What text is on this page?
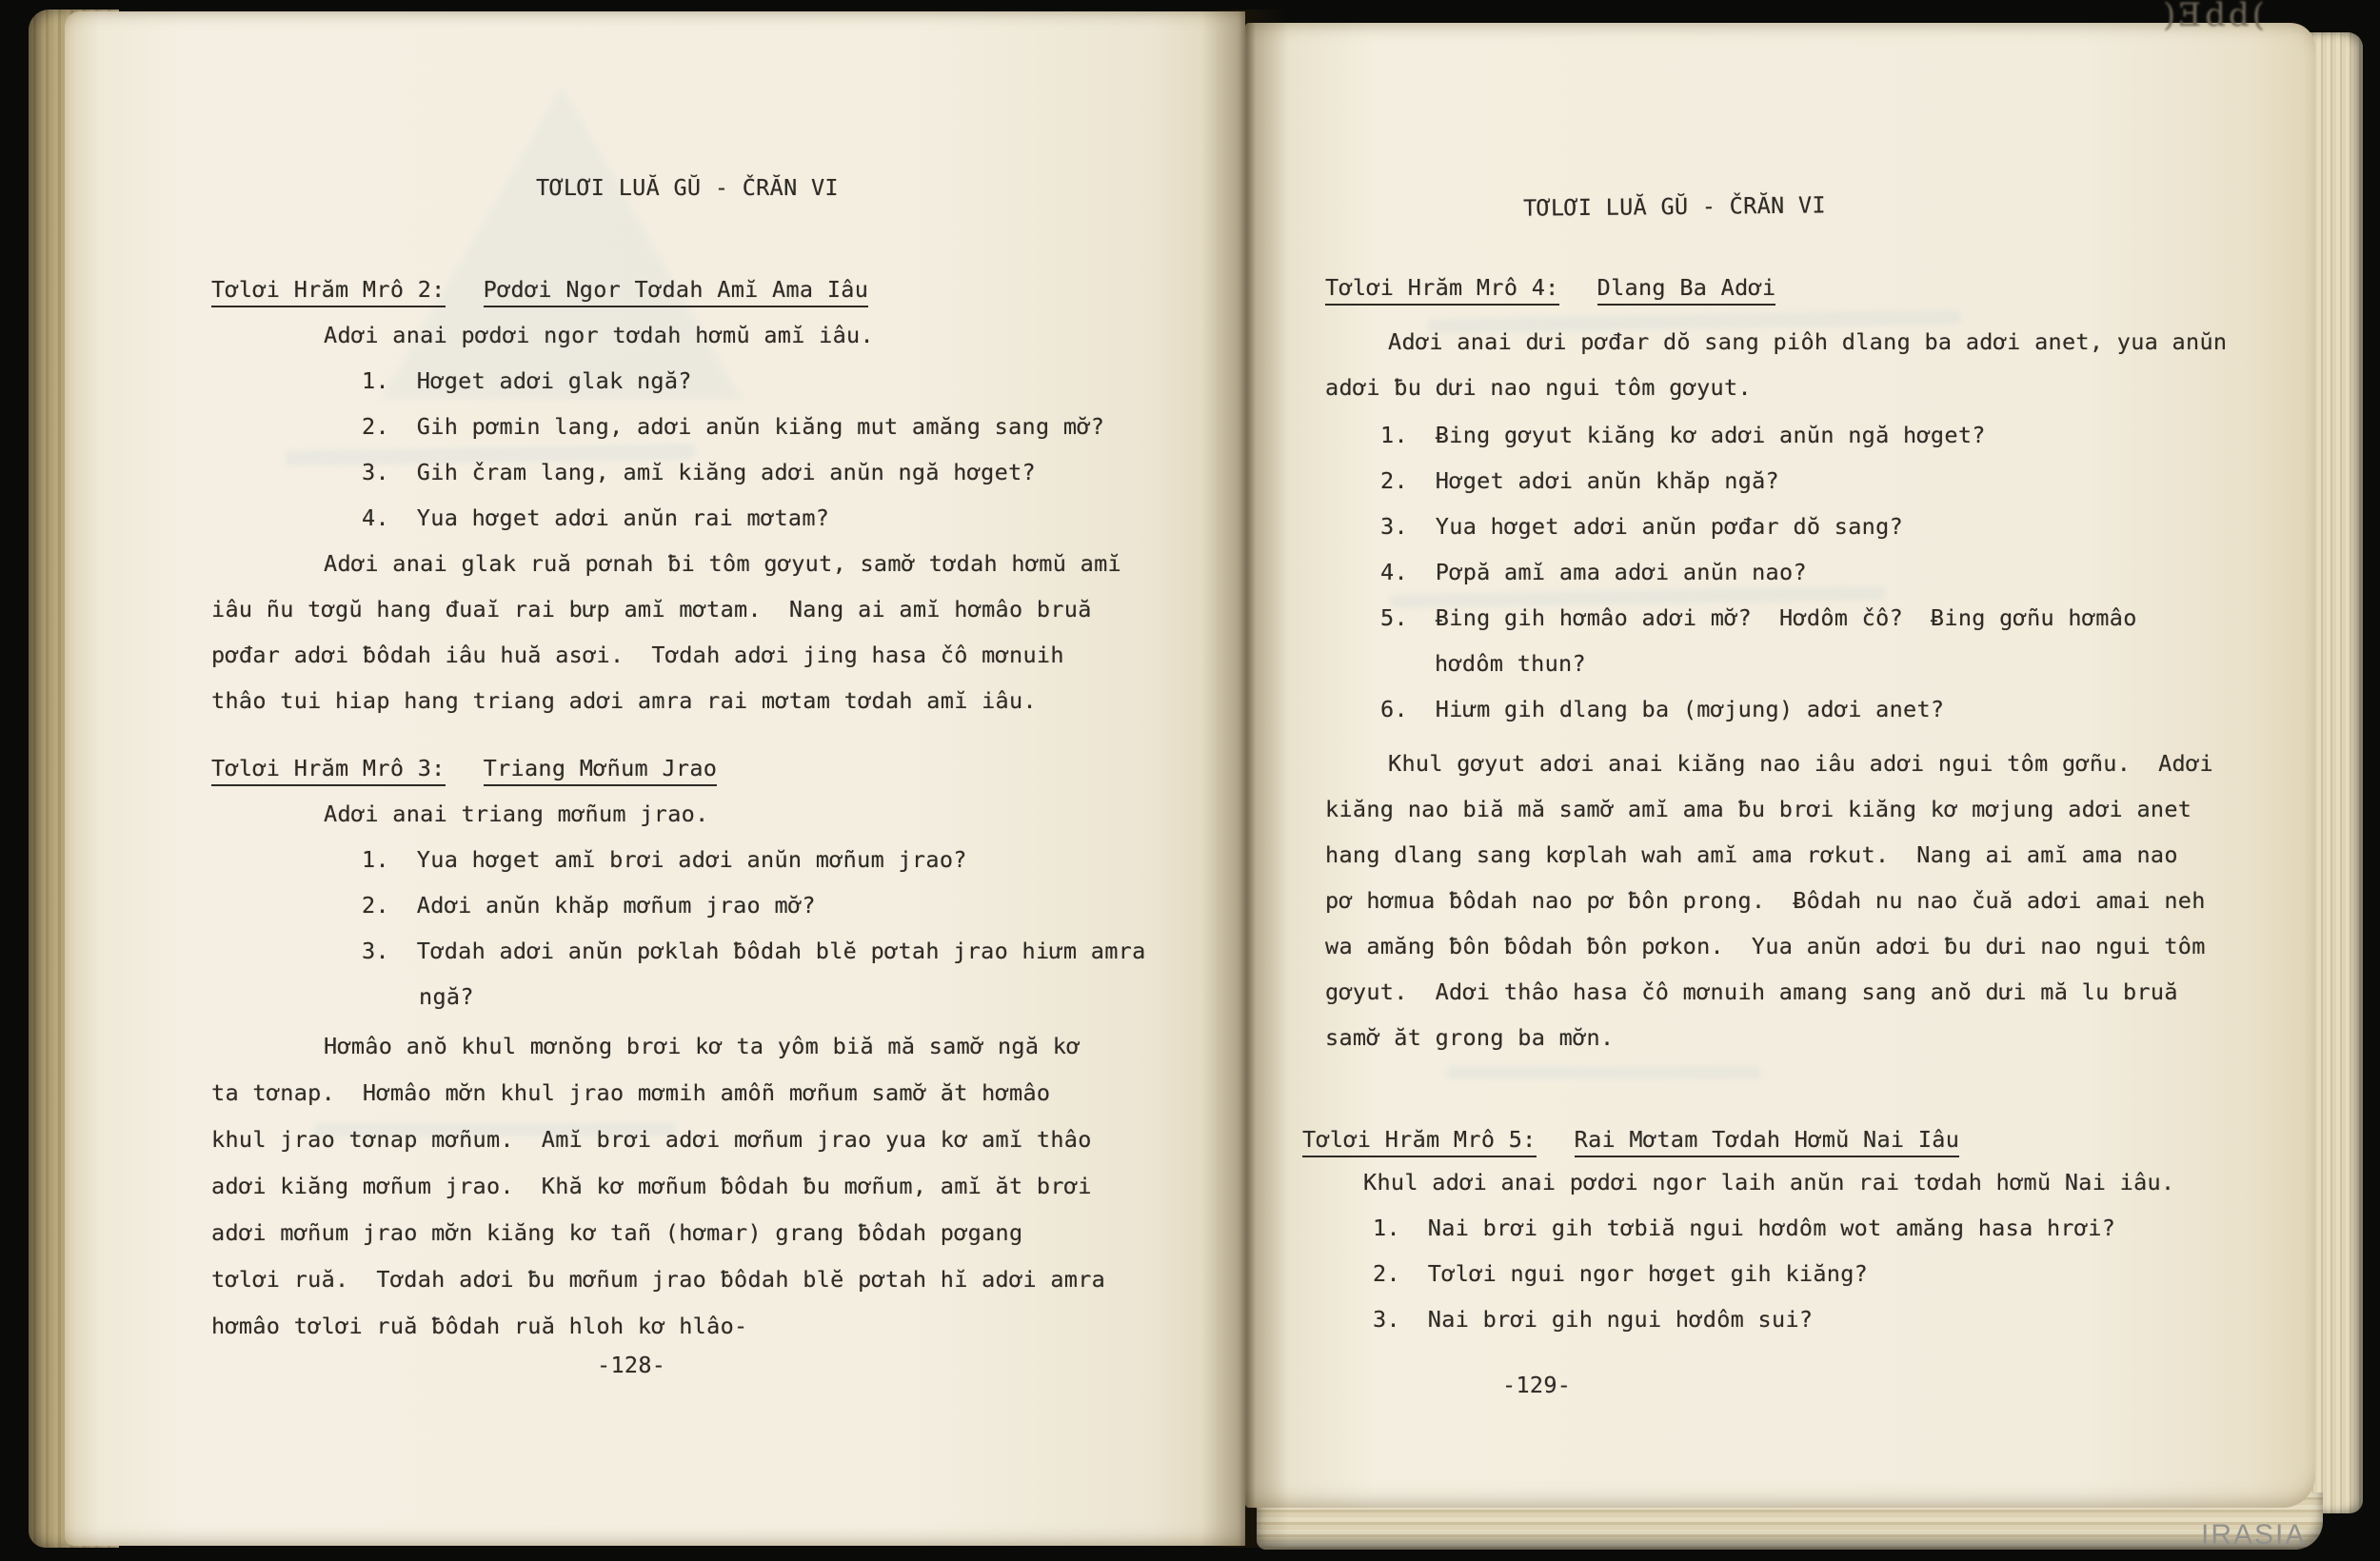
TƠLƠI LUĂ GŬ - ČRĂN VI
Tơlơi Hrăm Mrô 2: Pơdơi Ngor Tơdah Amĭ Ama Iâu
Adơi anai pơdơi ngor tơdah hơmŭ amĭ iâu.
1.  Hơget adơi glak ngă?
2.  Gih pơmin lang, adơi anŭn kiăng mut amăng sang mơ̆?
3.  Gih čram lang, amĭ kiăng adơi anŭn ngă hơget?
4.  Yua hơget adơi anŭn rai mơtam?
Adơi anai glak ruă pơnah ƀi tôm gơyut, samơ̆ tơdah hơmŭ amĭ
iâu ñu tơgŭ hang đuaĭ rai bưp amĭ mơtam.  Nang ai amĭ hơmâo bruă
pơđar adơi ƀôdah iâu huă asơi.  Tơdah adơi jing hasa čô mơnuih
thâo tui hiap hang triang adơi amra rai mơtam tơdah amĭ iâu.
Tơlơi Hrăm Mrô 3: Triang Mơñum Jrao
Adơi anai triang mơñum jrao.
1.  Yua hơget amĭ brơi adơi anŭn mơñum jrao?
2.  Adơi anŭn khăp mơñum jrao mơ̆?
3.  Tơdah adơi anŭn pơklah ƀôdah blĕ pơtah jrao hiưm amra
ngă?
Hơmâo anŏ khul mơnŏng brơi kơ ta yôm biă mă samơ̆ ngă kơ
ta tơnap.  Hơmâo mơ̆n khul jrao mơmih amôñ mơñum samơ̆ ăt hơmâo
khul jrao tơnap mơñum.  Amĭ brơi adơi mơñum jrao yua kơ amĭ thâo
adơi kiăng mơñum jrao.  Khă kơ mơñum ƀôdah ƀu mơñum, amĭ ăt brơi
adơi mơñum jrao mơ̆n kiăng kơ tañ (hơmar) grang ƀôdah pơgang
tơlơi ruă.  Tơdah adơi ƀu mơñum jrao ƀôdah blĕ pơtah hĭ adơi amra
hơmâo tơlơi ruă ƀôdah ruă hloh kơ hlâo-
-128-
TƠLƠI LUĂ GŬ - ČRĂN VI
Tơlơi Hrăm Mrô 4: Dlang Ba Adơi
Adơi anai dưi pơđar dŏ sang piôh dlang ba adơi anet, yua anŭn
adơi ƀu dưi nao ngui tôm gơyut.
1.  Ƀing gơyut kiăng kơ adơi anŭn ngă hơget?
2.  Hơget adơi anŭn khăp ngă?
3.  Yua hơget adơi anŭn pơđar dŏ sang?
4.  Pơpă amĭ ama adơi anŭn nao?
5.  Ƀing gih hơmâo adơi mơ̆?  Hơdôm čô?  Ƀing gơñu hơmâo
hơdôm thun?
6.  Hiưm gih dlang ba (mơjung) adơi anet?
Khul gơyut adơi anai kiăng nao iâu adơi ngui tôm gơñu.  Adơi
kiăng nao biă mă samơ̆ amĭ ama ƀu brơi kiăng kơ mơjung adơi anet
hang dlang sang kơplah wah amĭ ama rơkut.  Nang ai amĭ ama nao
pơ hơmua ƀôdah nao pơ ƀôn prong.  Ƀôdah nu nao čuă adơi amai neh
wa amăng ƀôn ƀôdah ƀôn pơkon.  Yua anŭn adơi ƀu dưi nao ngui tôm
gơyut.  Adơi thâo hasa čô mơnuih amang sang anŏ dưi mă lu bruă
samơ̆ ăt grong ba mơ̆n.
Tơlơi Hrăm Mrô 5: Rai Mơtam Tơdah Hơmŭ Nai Iâu
Khul adơi anai pơdơi ngor laih anŭn rai tơdah hơmŭ Nai iâu.
1.  Nai brơi gih tơbiă ngui hơdôm wot amăng hasa hrơi?
2.  Tơlơi ngui ngor hơget gih kiăng?
3.  Nai brơi gih ngui hơdôm sui?
-129-
)Ǝdd(
IRASIA
